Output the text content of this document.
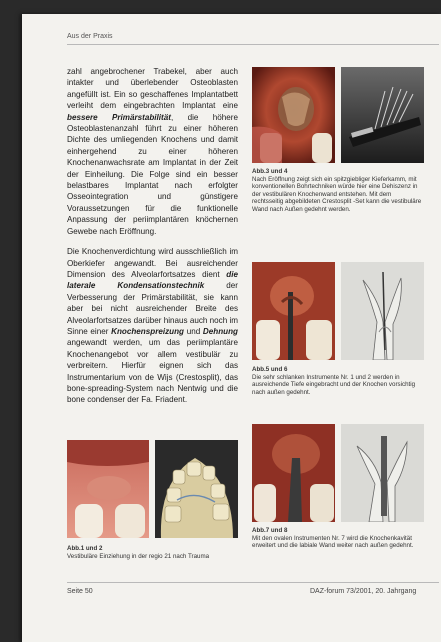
Aus der Praxis

zahl angebrochener Trabekel, aber auch intakter und überlebender Osteoblasten angefüllt ist. Ein so geschaffenes Implantatbett verleiht dem eingebrachten Implantat eine bessere Primärstabilität, die höhere Osteoblastenanzahl führt zu einer höheren Dichte des umliegenden Knochens und damit einhergehend zu einer höheren Knochenanwachsrate am Implantat in der Zeit der Einheilung. Die Folge sind ein besser belastbares Implantat nach erfolgter Osseointegration und günstigere Voraussetzungen für die funktionelle Anpassung der periimplantären knöchernen Gewebe nach Eröffnung.

Die Knochenverdichtung wird ausschließlich im Oberkiefer angewandt. Bei ausreichender Dimension des Alveolarfortsatzes dient die laterale Kondensationstechnik der Verbesserung der Primärstabilität, sie kann aber bei nicht ausreichender Breite des Alveolarfortsatzes darüber hinaus auch noch im Sinne einer Knochenspreizung und Dehnung angewandt werden, um das periimplantäre Knochenangebot vor allem vestibulär zu verbreitern. Hierfür eignen sich das Instrumentarium von de Wijs (Crestosplit), das bone-spreading-System nach Nentwig und die bone condenser der Fa. Friadent.

Abb.3 und 4
Nach Eröffnung zeigt sich ein spitzgiebliger Kieferkamm, mit konventionellen Bohrtechniken würde hier eine Dehiszenz in der vestibulären Knochenwand entstehen. Mit dem rechtsseitig abgebildeten Crestosplit -Set kann die vestibuläre Wand nach Außen gedehnt werden.
Abb.5 und 6
Die sehr schlanken Instrumente Nr. 1 und 2 werden in ausreichende Tiefe eingebracht und der Knochen vorsichtig nach außen gedehnt.
Abb.7 und 8
Mit den ovalen Instrumenten Nr. 7 wird die Knochenkavität erweitert und die labiale Wand weiter nach außen gedehnt.
Abb.1 und 2
Vestibuläre Einziehung in der regio 21 nach Trauma
Seite 50	DAZ-forum 73/2001, 20. Jahrgang
